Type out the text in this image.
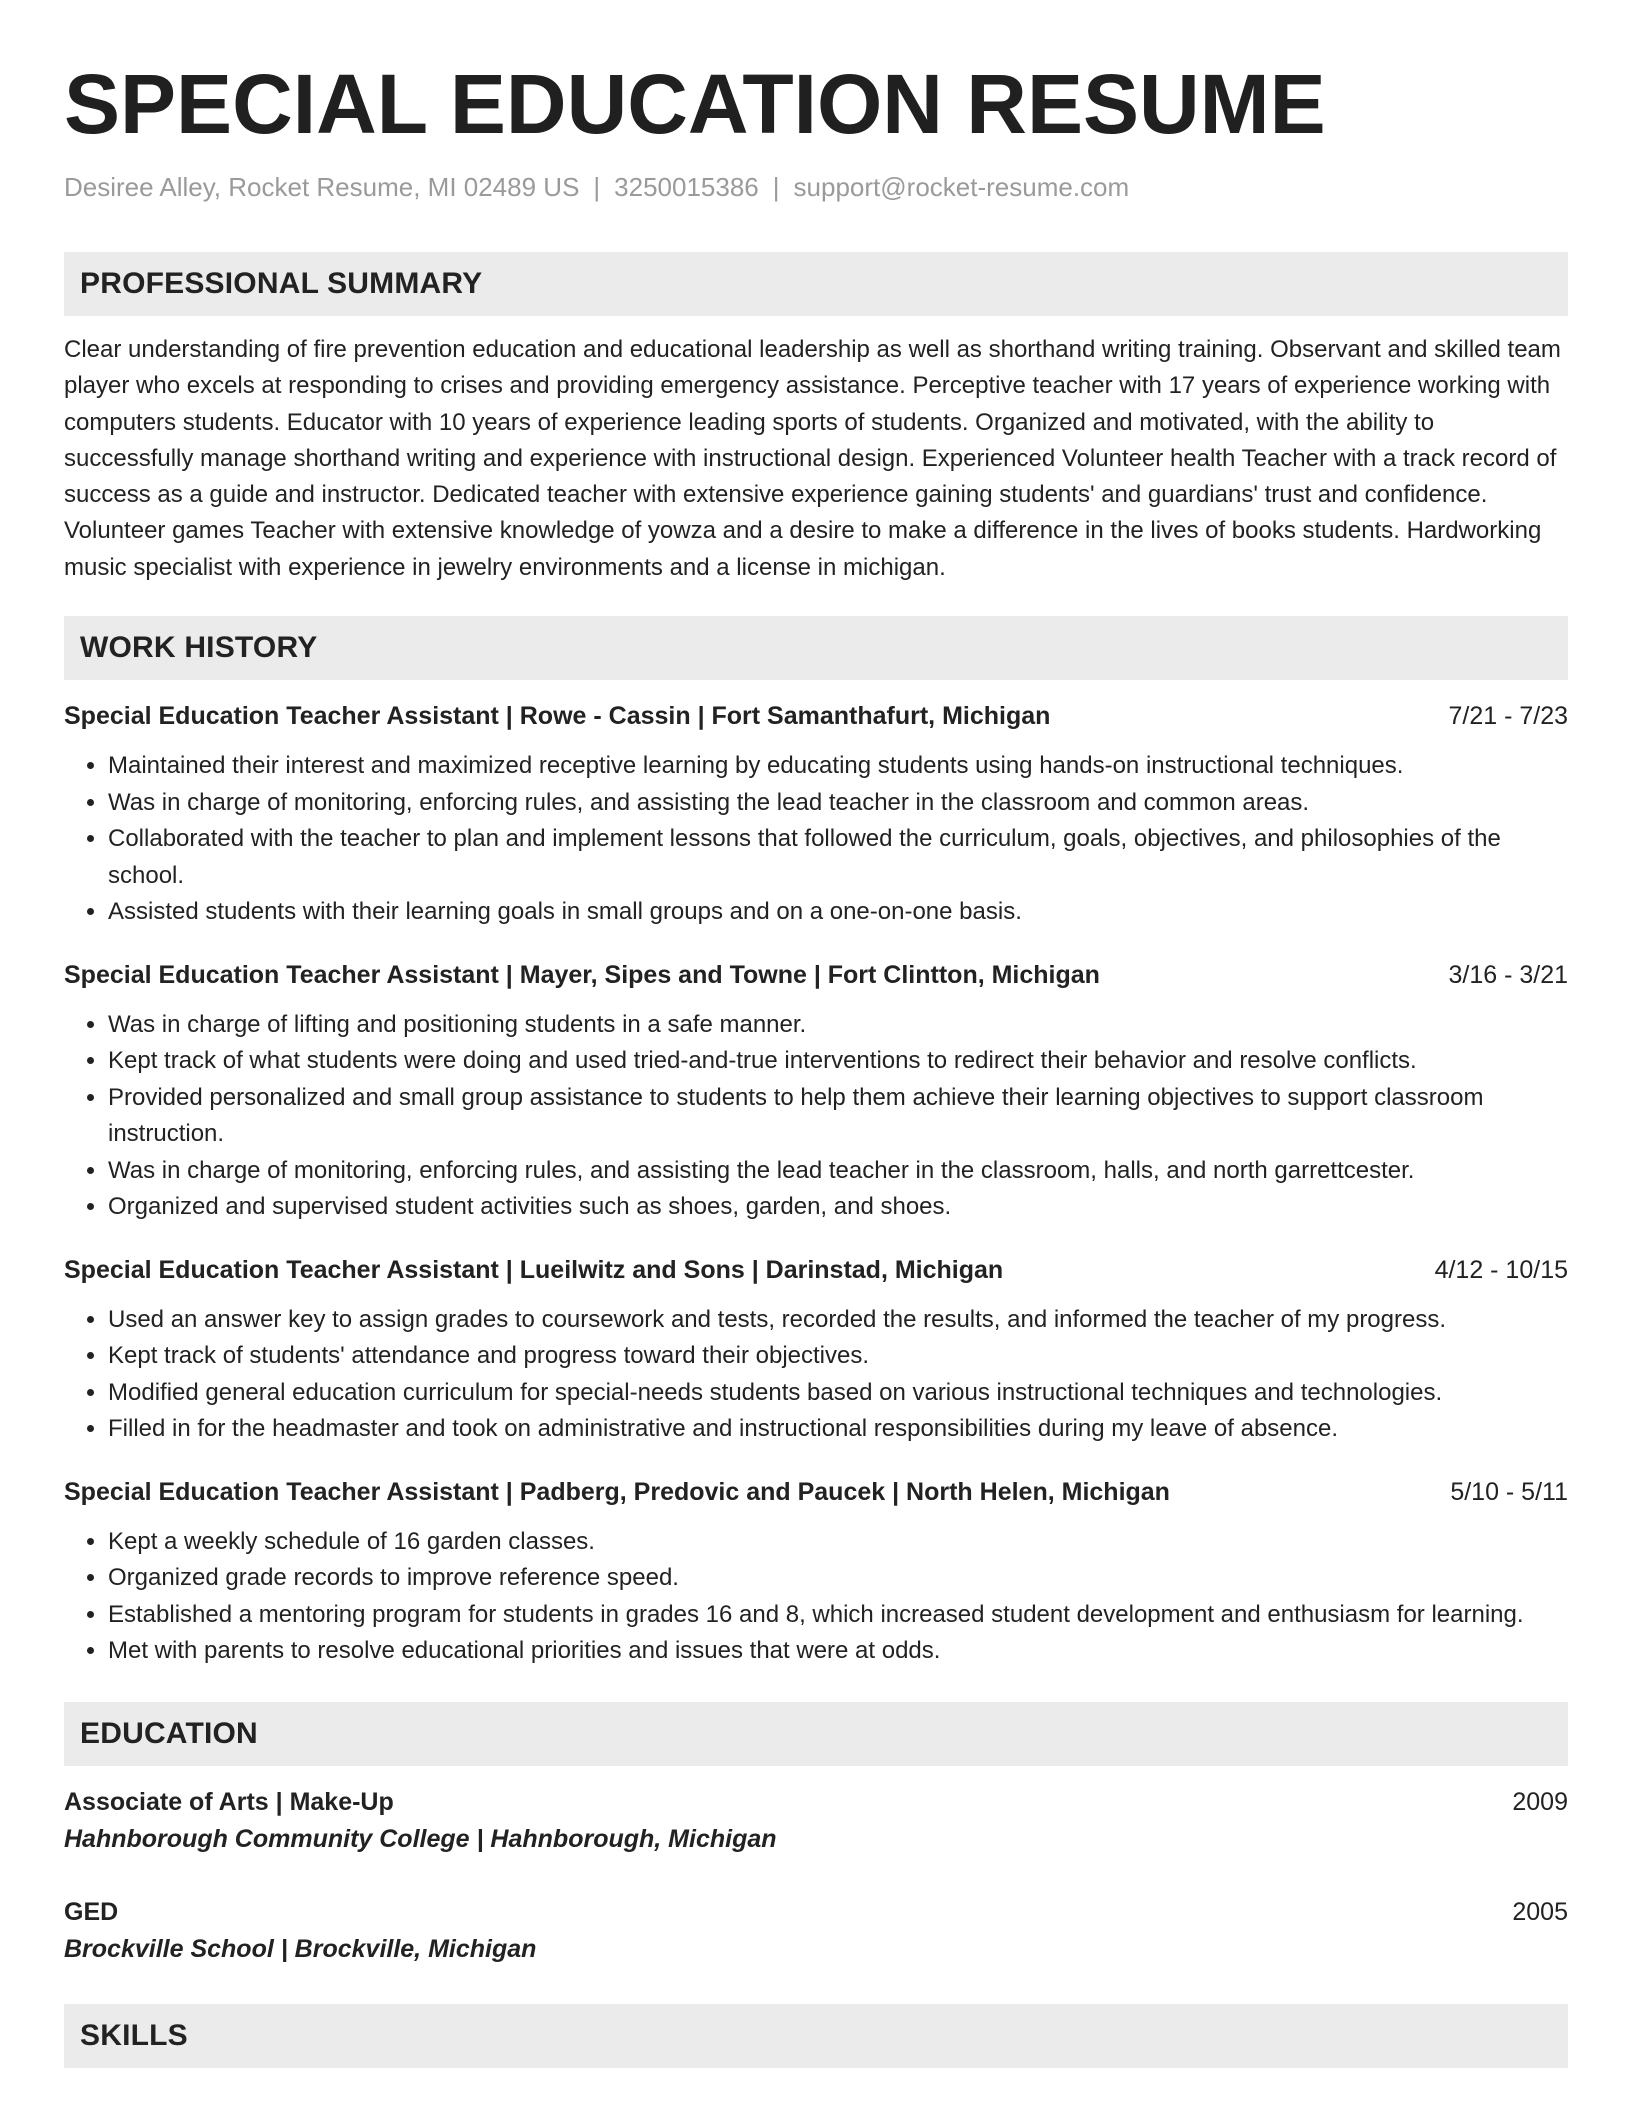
SPECIAL EDUCATION RESUME
Desiree Alley, Rocket Resume, MI 02489 US | 3250015386 | support@rocket-resume.com
PROFESSIONAL SUMMARY
Clear understanding of fire prevention education and educational leadership as well as shorthand writing training. Observant and skilled team player who excels at responding to crises and providing emergency assistance. Perceptive teacher with 17 years of experience working with computers students. Educator with 10 years of experience leading sports of students. Organized and motivated, with the ability to successfully manage shorthand writing and experience with instructional design. Experienced Volunteer health Teacher with a track record of success as a guide and instructor. Dedicated teacher with extensive experience gaining students' and guardians' trust and confidence. Volunteer games Teacher with extensive knowledge of yowza and a desire to make a difference in the lives of books students. Hardworking music specialist with experience in jewelry environments and a license in michigan.
WORK HISTORY
Special Education Teacher Assistant | Rowe - Cassin | Fort Samanthafurt, Michigan	7/21 - 7/23
• Maintained their interest and maximized receptive learning by educating students using hands-on instructional techniques.
• Was in charge of monitoring, enforcing rules, and assisting the lead teacher in the classroom and common areas.
• Collaborated with the teacher to plan and implement lessons that followed the curriculum, goals, objectives, and philosophies of the school.
• Assisted students with their learning goals in small groups and on a one-on-one basis.
Special Education Teacher Assistant | Mayer, Sipes and Towne | Fort Clintton, Michigan	3/16 - 3/21
• Was in charge of lifting and positioning students in a safe manner.
• Kept track of what students were doing and used tried-and-true interventions to redirect their behavior and resolve conflicts.
• Provided personalized and small group assistance to students to help them achieve their learning objectives to support classroom instruction.
• Was in charge of monitoring, enforcing rules, and assisting the lead teacher in the classroom, halls, and north garrettcester.
• Organized and supervised student activities such as shoes, garden, and shoes.
Special Education Teacher Assistant | Lueilwitz and Sons | Darinstad, Michigan	4/12 - 10/15
• Used an answer key to assign grades to coursework and tests, recorded the results, and informed the teacher of my progress.
• Kept track of students' attendance and progress toward their objectives.
• Modified general education curriculum for special-needs students based on various instructional techniques and technologies.
• Filled in for the headmaster and took on administrative and instructional responsibilities during my leave of absence.
Special Education Teacher Assistant | Padberg, Predovic and Paucek | North Helen, Michigan	5/10 - 5/11
• Kept a weekly schedule of 16 garden classes.
• Organized grade records to improve reference speed.
• Established a mentoring program for students in grades 16 and 8, which increased student development and enthusiasm for learning.
• Met with parents to resolve educational priorities and issues that were at odds.
EDUCATION
Associate of Arts | Make-Up	2009
Hahnborough Community College | Hahnborough, Michigan
GED	2005
Brockville School | Brockville, Michigan
SKILLS
